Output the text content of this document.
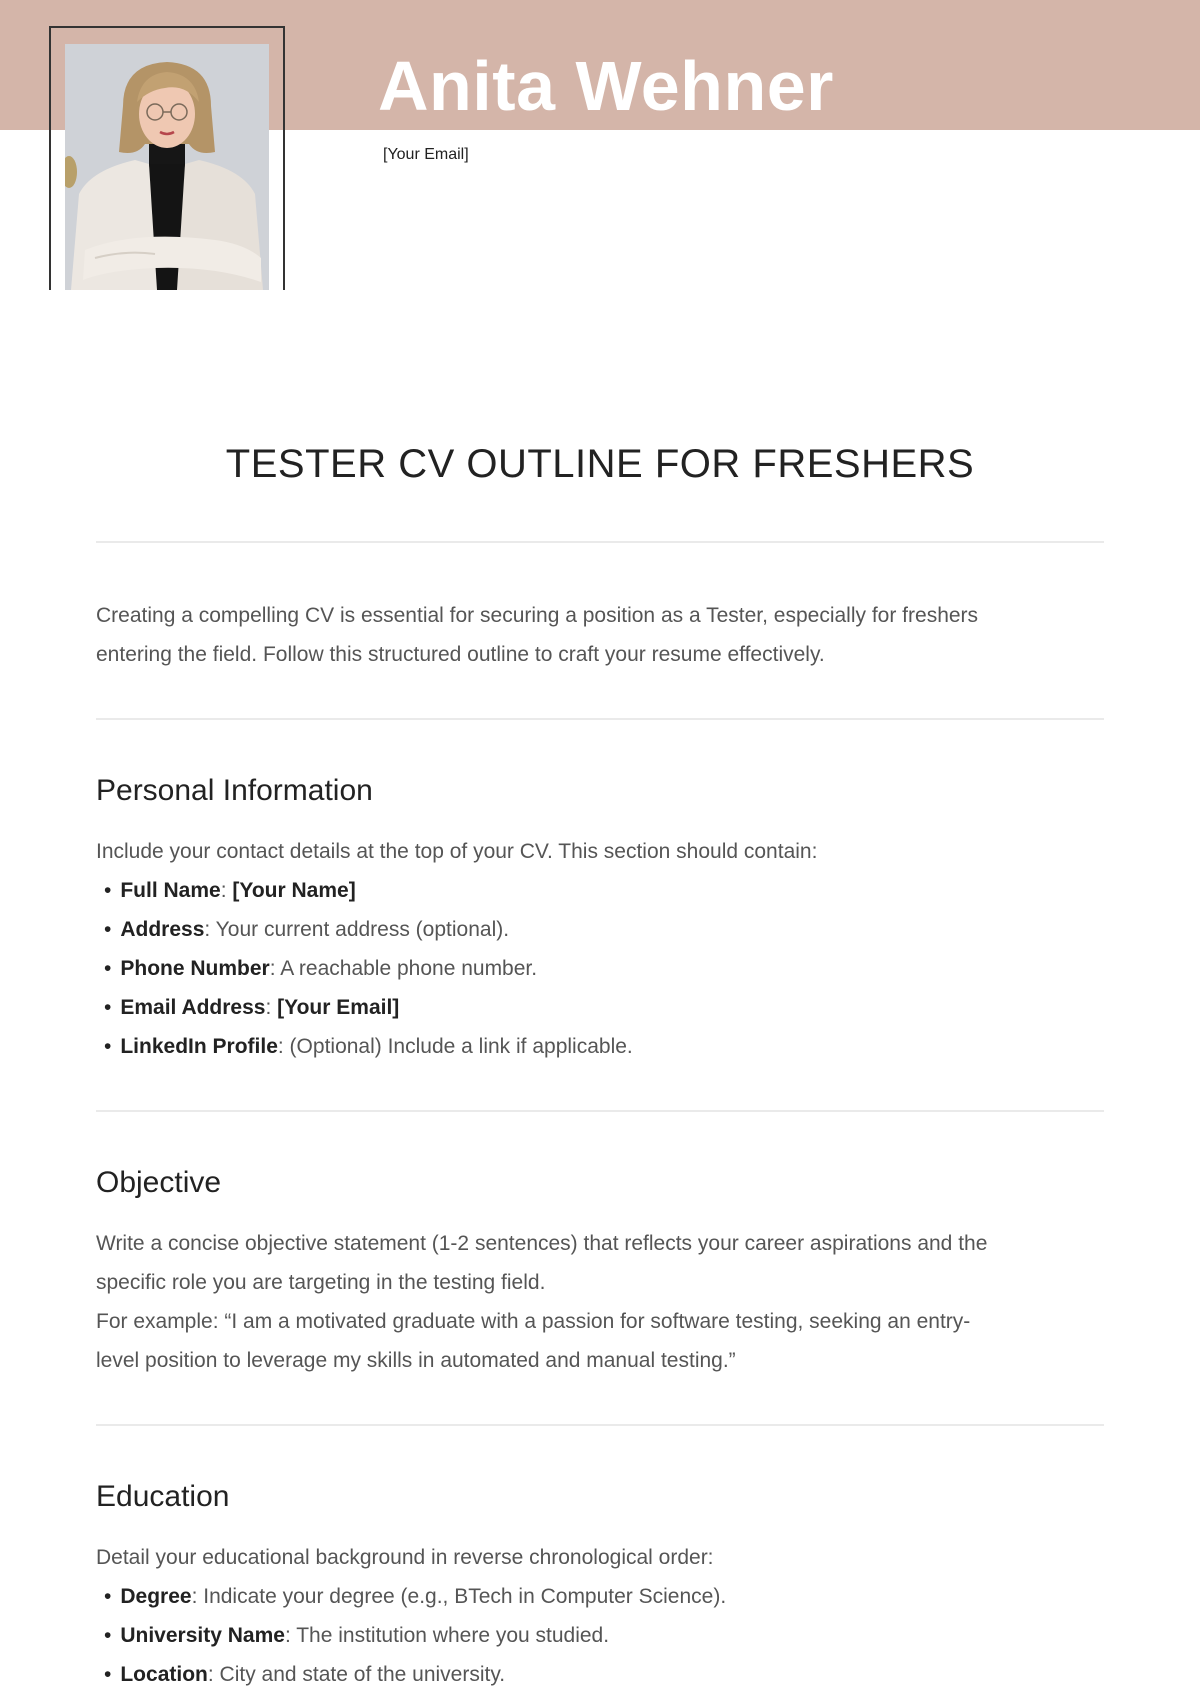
Anita Wehner
[Your Email]
TESTER CV OUTLINE FOR FRESHERS

Creating a compelling CV is essential for securing a position as a Tester, especially for freshers
entering the field. Follow this structured outline to craft your resume effectively.

Personal Information

Include your contact details at the top of your CV. This section should contain:

• Full Name: [Your Name]
• Address: Your current address (optional).
• Phone Number: A reachable phone number.
• Email Address: [Your Email]
• LinkedIn Profile: (Optional) Include a link if applicable.
Objective

Write a concise objective statement (1-2 sentences) that reflects your career aspirations and the
specific role you are targeting in the testing field.
For example: “I am a motivated graduate with a passion for software testing, seeking an entry-
level position to leverage my skills in automated and manual testing.”

Education

Detail your educational background in reverse chronological order:

• Degree: Indicate your degree (e.g., BTech in Computer Science).
• University Name: The institution where you studied.
• Location: City and state of the university.
